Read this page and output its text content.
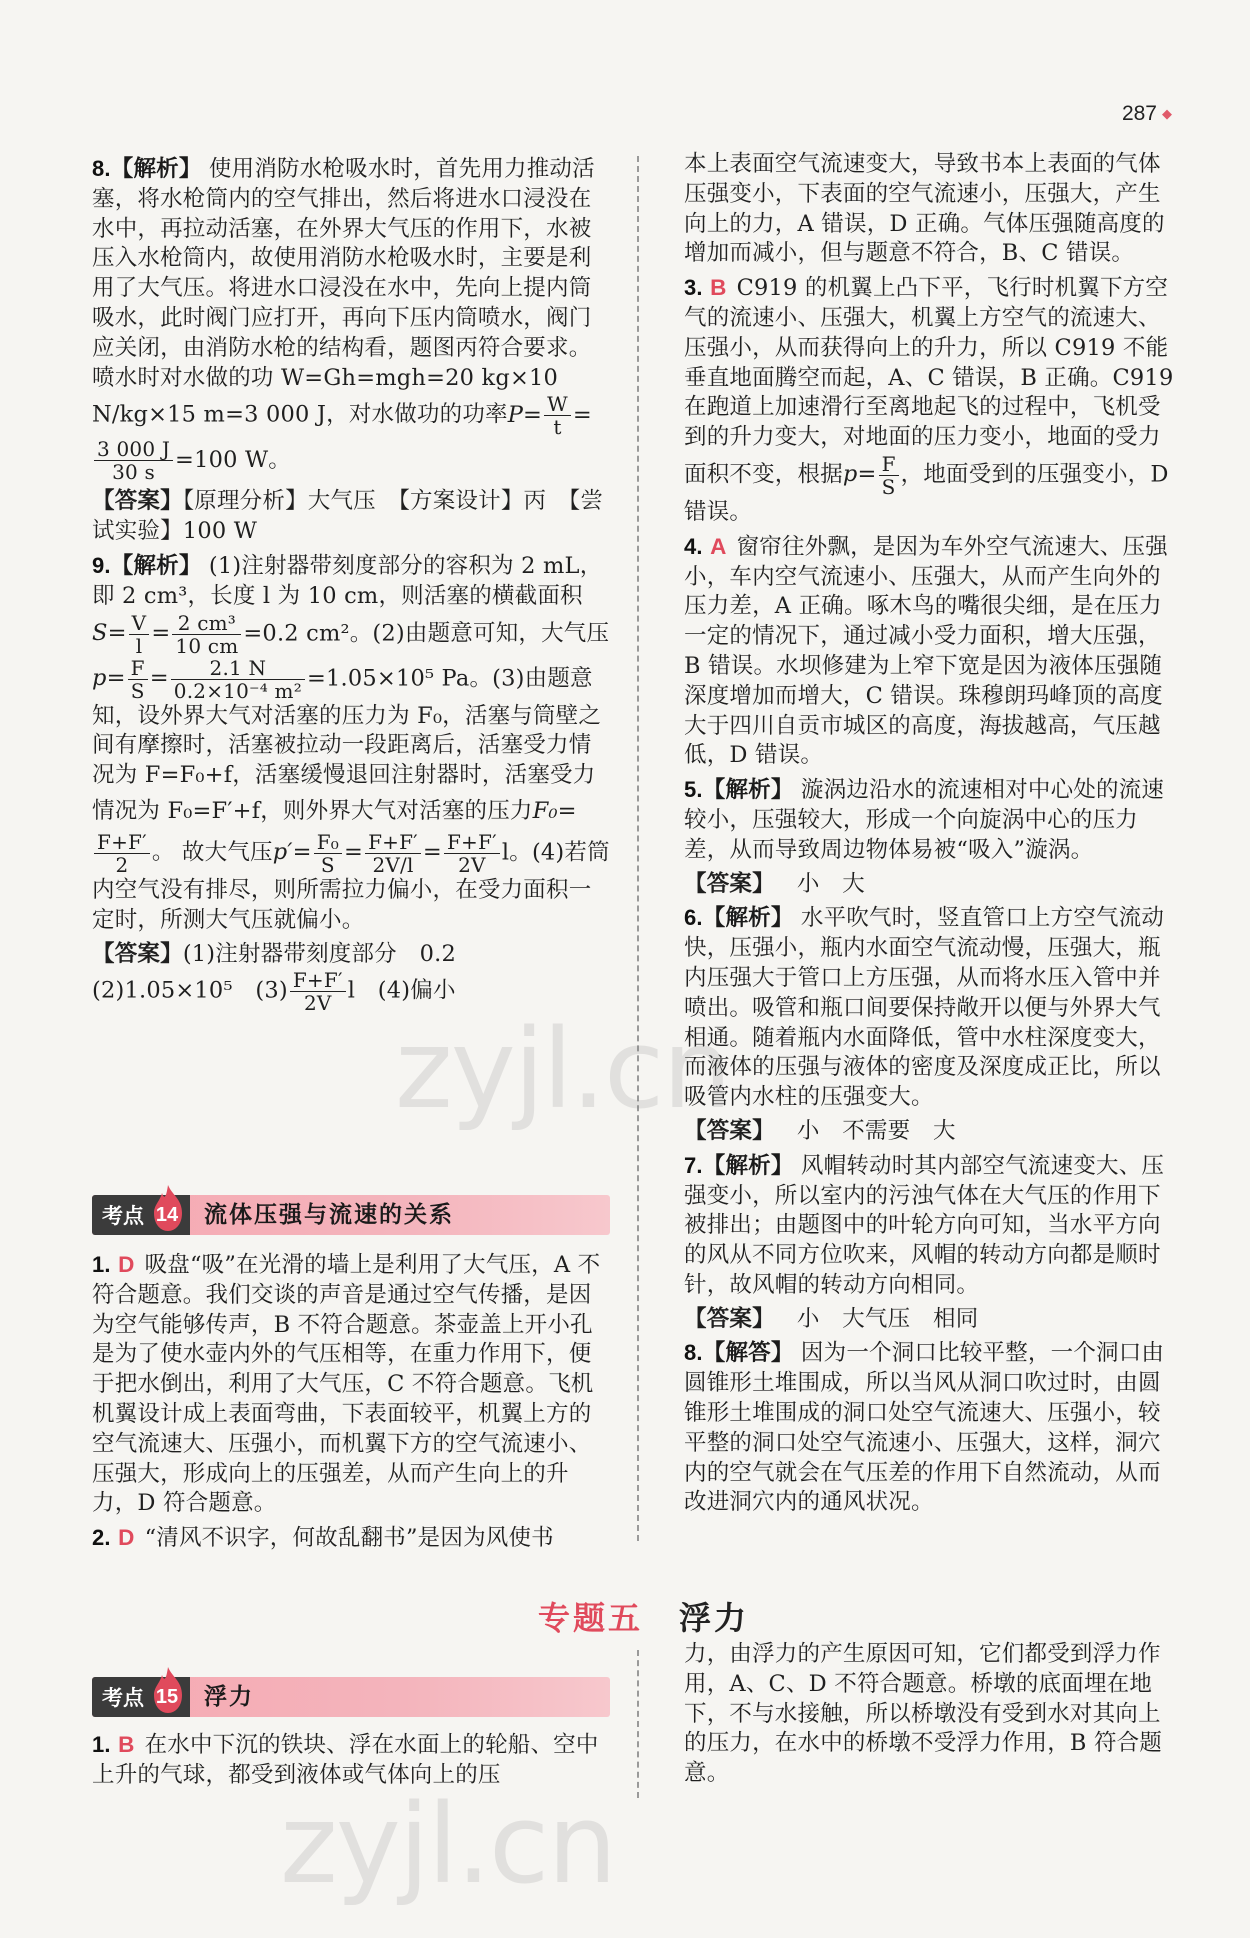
287 ◆
8.【解析】 使用消防水枪吸水时，首先用力推动活塞，将水枪筒内的空气排出，然后将进水口浸没在水中，再拉动活塞，在外界大气压的作用下，水被压入水枪筒内，故使用消防水枪吸水时，主要是利用了大气压。将进水口浸没在水中，先向上提内筒吸水，此时阀门应打开，再向下压内筒喷水，阀门应关闭，由消防水枪的结构看，题图丙符合要求。喷水时对水做的功 W=Gh=mgh=20 kg×10 N/kg×15 m=3 000 J，对水做功的功率$P= \frac{W}{t}$ =
$\frac{3 000 J}{30 s} =100$ W。
【答案】【原理分析】大气压　【方案设计】丙　【尝试实验】100 W
9.【解析】 (1)注射器带刻度部分的容积为 2 mL，即 2 cm³，长度 l 为 10 cm，则活塞的横截面积$S= \frac{V}{l} = \frac{\text{2 cm³}}{10 cm} =0.2$ cm²。(2)由题意可知，大气压 $p= \frac{F}{S} = \frac{2.1 N}{\text{0.2×10⁻⁴ m²}} =1.05\times 10^5$ Pa。(3)由题意知，设外界大气对活塞的压力为 F₀，活塞与筒壁之间有摩擦时，活塞被拉动一段距离后，活塞受力情况为 F=F₀+f，活塞缓慢退回注射器时，活塞受力情况为 F₀=F′+f，则外界大气对活塞的压力F₀=
$\frac{F+F'}{2}$ 。 故大气压$p'= \frac{\text{F₀}}{S} = \frac{F+F'}{2V/l} = \frac{F+F'}{2V}$ l。(4)若筒内空气没有排尽，则所需拉力偏小，在受力面积一定时，所测大气压就偏小。
【答案】(1)注射器带刻度部分　0.2
(2)1.05×10⁵　$(3) \frac{F+F'}{2V}$ l　(4)偏小
考点 14 流体压强与流速的关系
1. D 吸盘“吸”在光滑的墙上是利用了大气压，A 不符合题意。我们交谈的声音是通过空气传播，是因为空气能够传声，B 不符合题意。茶壶盖上开小孔是为了使水壶内外的气压相等，在重力作用下，便于把水倒出，利用了大气压，C 不符合题意。飞机机翼设计成上表面弯曲，下表面较平，机翼上方的空气流速大、压强小，而机翼下方的空气流速小、压强大，形成向上的压强差，从而产生向上的升力，D 符合题意。
2. D “清风不识字，何故乱翻书”是因为风使书
专题五 浮力
考点 15 浮力
1. B 在水中下沉的铁块、浮在水面上的轮船、空中上升的气球，都受到液体或气体向上的压
本上表面空气流速变大，导致书本上表面的气体压强变小，下表面的空气流速小，压强大，产生向上的力，A 错误，D 正确。气体压强随高度的增加而减小，但与题意不符合，B、C 错误。
3. B C919 的机翼上凸下平，飞行时机翼下方空气的流速小、压强大，机翼上方空气的流速大、压强小，从而获得向上的升力，所以 C919 不能垂直地面腾空而起，A、C 错误，B 正确。C919 在跑道上加速滑行至离地起飞的过程中，飞机受到的升力变大，对地面的压力变小，地面的受力面积不变，根据$p= \frac{F}{S}$ ，地面受到的压强变小，D 错误。
4. A 窗帘往外飘，是因为车外空气流速大、压强小，车内空气流速小、压强大，从而产生向外的压力差，A 正确。啄木鸟的嘴很尖细，是在压力一定的情况下，通过减小受力面积，增大压强，B 错误。水坝修建为上窄下宽是因为液体压强随深度增加而增大，C 错误。珠穆朗玛峰顶的高度大于四川自贡市城区的高度，海拔越高，气压越低，D 错误。
5.【解析】 漩涡边沿水的流速相对中心处的流速较小，压强较大，形成一个向旋涡中心的压力差，从而导致周边物体易被“吸入”漩涡。
【答案】 小　大
6.【解析】 水平吹气时，竖直管口上方空气流动快，压强小，瓶内水面空气流动慢，压强大，瓶内压强大于管口上方压强，从而将水压入管中并喷出。吸管和瓶口间要保持敞开以便与外界大气相通。随着瓶内水面降低，管中水柱深度变大，而液体的压强与液体的密度及深度成正比，所以吸管内水柱的压强变大。
【答案】 小　不需要　大
7.【解析】 风帽转动时其内部空气流速变大、压强变小，所以室内的污浊气体在大气压的作用下被排出；由题图中的叶轮方向可知，当水平方向的风从不同方位吹来，风帽的转动方向都是顺时针，故风帽的转动方向相同。
【答案】 小　大气压　相同
8.【解答】 因为一个洞口比较平整，一个洞口由圆锥形土堆围成，所以当风从洞口吹过时，由圆锥形土堆围成的洞口处空气流速大、压强小，较平整的洞口处空气流速小、压强大，这样，洞穴内的空气就会在气压差的作用下自然流动，从而改进洞穴内的通风状况。
力，由浮力的产生原因可知，它们都受到浮力作用，A、C、D 不符合题意。桥墩的底面埋在地下，不与水接触，所以桥墩没有受到水对其向上的压力，在水中的桥墩不受浮力作用，B 符合题意。
zyjl.cn
zyjl.cn
